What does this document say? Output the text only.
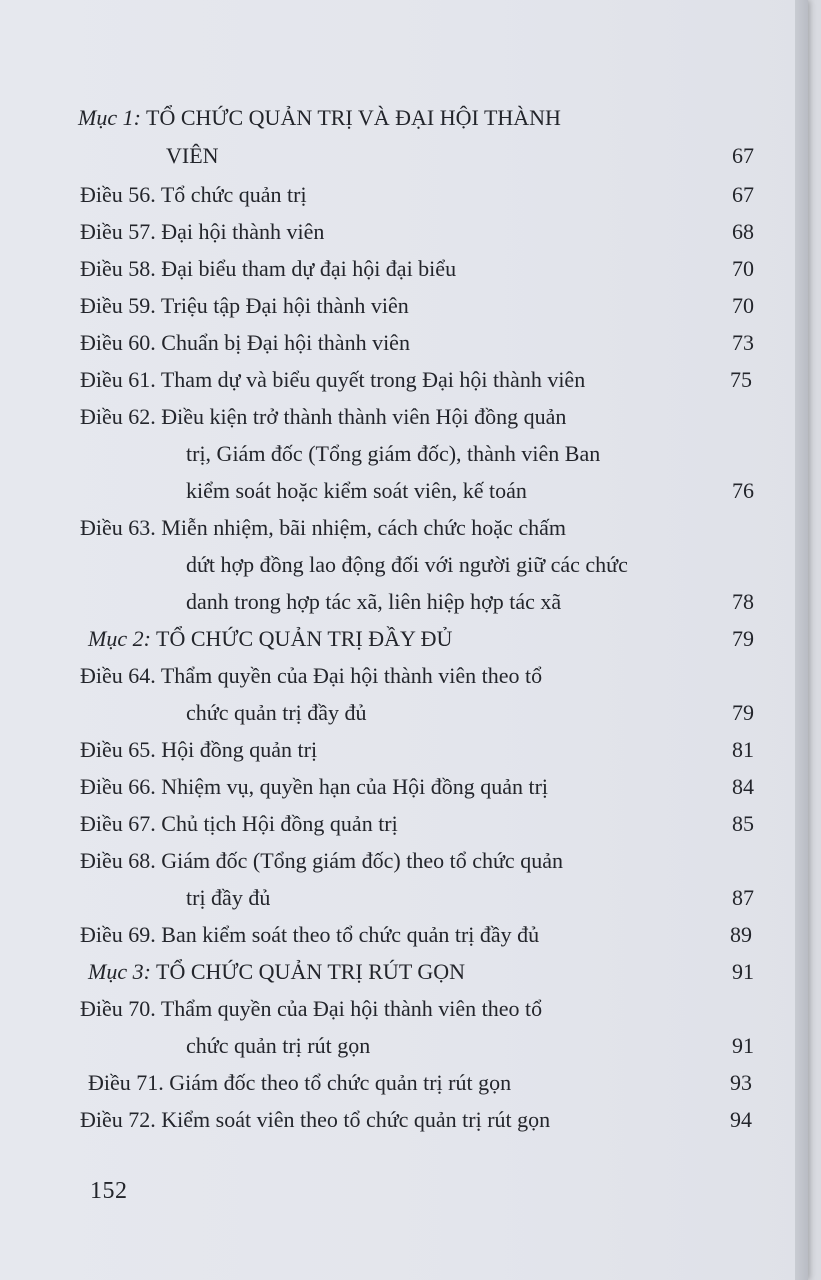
Mục 1: TỔ CHỨC QUẢN TRỊ VÀ ĐẠI HỘI THÀNH
VIÊN	67
Điều 56. Tổ chức quản trị	67
Điều 57. Đại hội thành viên	68
Điều 58. Đại biểu tham dự đại hội đại biểu	70
Điều 59. Triệu tập Đại hội thành viên	70
Điều 60. Chuẩn bị Đại hội thành viên	73
Điều 61. Tham dự và biểu quyết trong Đại hội thành viên	75
Điều 62. Điều kiện trở thành thành viên Hội đồng quản
trị, Giám đốc (Tổng giám đốc), thành viên Ban
kiểm soát hoặc kiểm soát viên, kế toán	76
Điều 63. Miễn nhiệm, bãi nhiệm, cách chức hoặc chấm
dứt hợp đồng lao động đối với người giữ các chức
danh trong hợp tác xã, liên hiệp hợp tác xã	78
Mục 2: TỔ CHỨC QUẢN TRỊ ĐẦY ĐỦ	79
Điều 64. Thẩm quyền của Đại hội thành viên theo tổ
chức quản trị đầy đủ	79
Điều 65. Hội đồng quản trị	81
Điều 66. Nhiệm vụ, quyền hạn của Hội đồng quản trị	84
Điều 67. Chủ tịch Hội đồng quản trị	85
Điều 68. Giám đốc (Tổng giám đốc) theo tổ chức quản
trị đầy đủ	87
Điều 69. Ban kiểm soát theo tổ chức quản trị đầy đủ	89
Mục 3: TỔ CHỨC QUẢN TRỊ RÚT GỌN	91
Điều 70. Thẩm quyền của Đại hội thành viên theo tổ
chức quản trị rút gọn	91
Điều 71. Giám đốc theo tổ chức quản trị rút gọn	93
Điều 72. Kiểm soát viên theo tổ chức quản trị rút gọn	94
152
